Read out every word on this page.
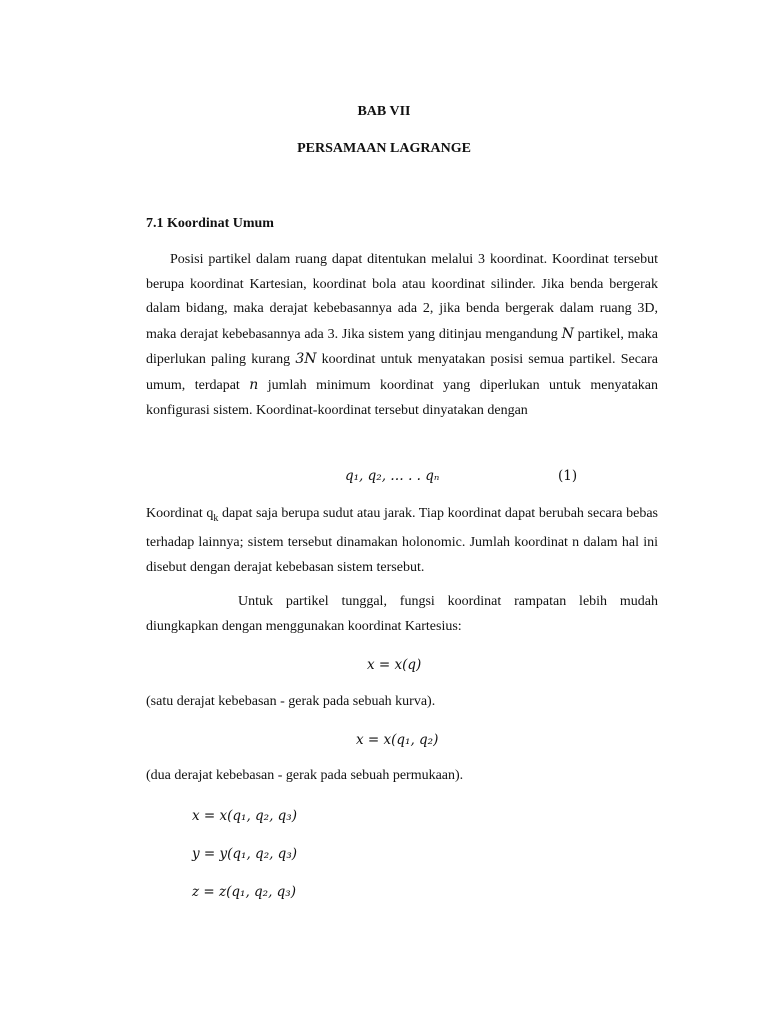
BAB VII
PERSAMAAN LAGRANGE
7.1 Koordinat Umum

Posisi partikel dalam ruang dapat ditentukan melalui 3 koordinat. Koordinat tersebut berupa koordinat Kartesian, koordinat bola atau koordinat silinder. Jika benda bergerak dalam bidang, maka derajat kebebasannya ada 2, jika benda bergerak dalam ruang 3D, maka derajat kebebasannya ada 3. Jika sistem yang ditinjau mengandung N partikel, maka diperlukan paling kurang 3N koordinat untuk menyatakan posisi semua partikel. Secara umum, terdapat n jumlah minimum koordinat yang diperlukan untuk menyatakan konfigurasi sistem. Koordinat-koordinat tersebut dinyatakan dengan

q₁, q₂, … . . qₙ	(1)

Koordinat $q_k$ dapat saja berupa sudut atau jarak. Tiap koordinat dapat berubah secara bebas terhadap lainnya; sistem tersebut dinamakan holonomic. Jumlah koordinat n dalam hal ini disebut dengan derajat kebebasan sistem tersebut.

Untuk partikel tunggal, fungsi koordinat rampatan lebih mudah diungkapkan dengan menggunakan koordinat Kartesius:

x = x(q)
(satu derajat kebebasan - gerak pada sebuah kurva).
x = x(q₁, q₂)
(dua derajat kebebasan - gerak pada sebuah permukaan).
x = x(q₁, q₂, q₃)
y = y(q₁, q₂, q₃)
z = z(q₁, q₂, q₃)
